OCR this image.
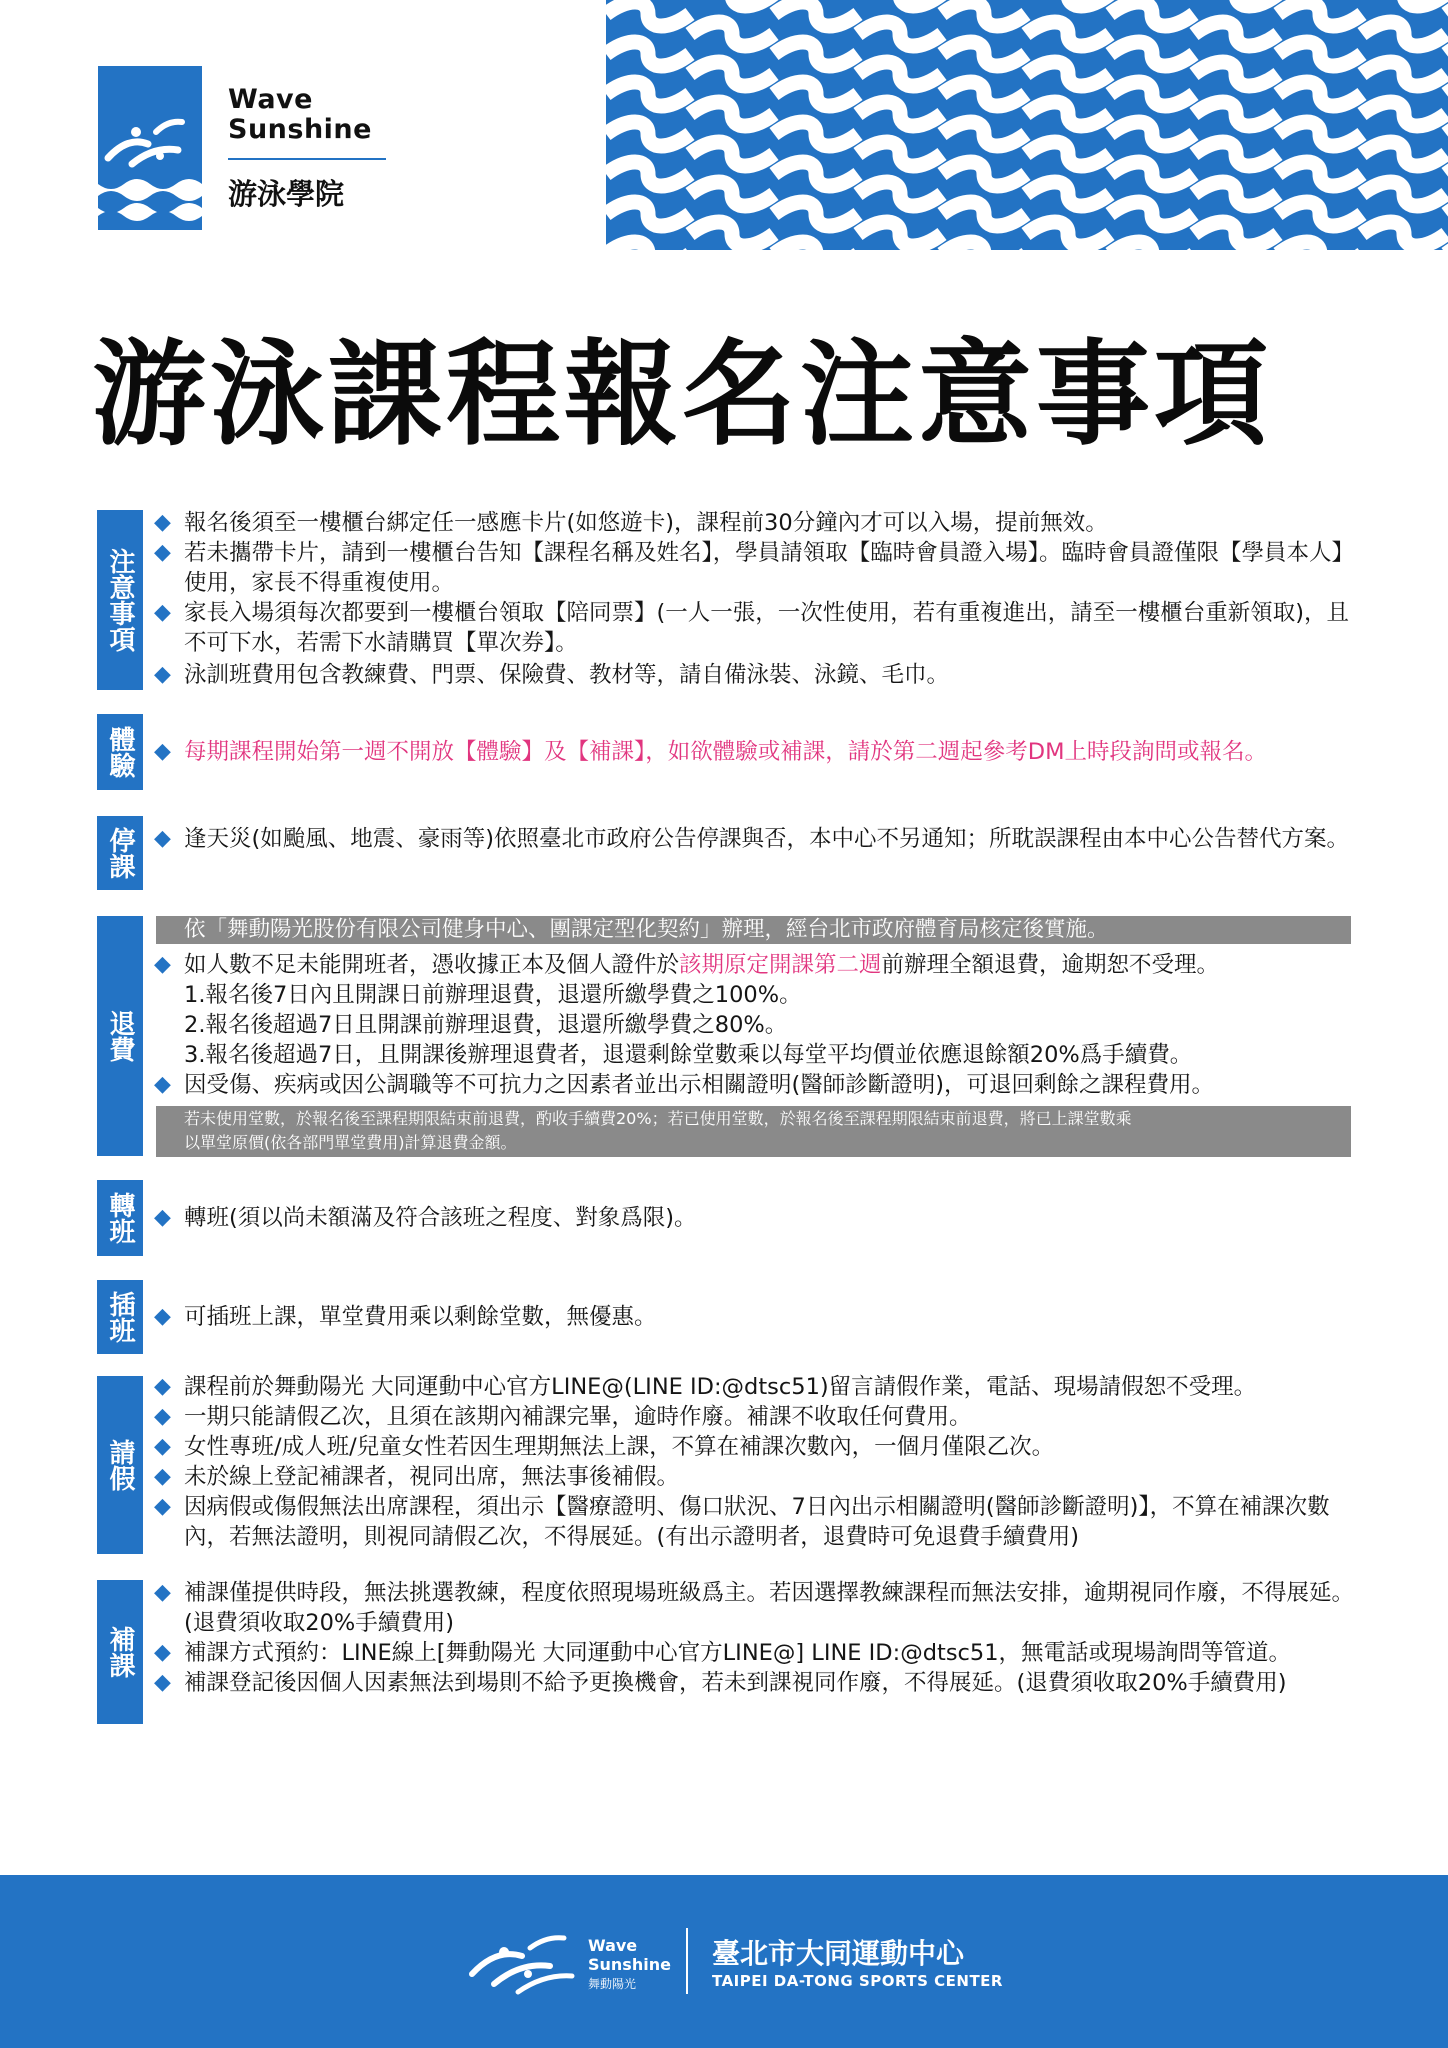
Wave
Sunshine
游泳學院
游泳課程報名注意事項
注意事項
◆ 報名後須至一樓櫃台綁定任一感應卡片(如悠遊卡)，課程前30分鐘內才可以入場，提前無效。
◆ 若未攜帶卡片，請到一樓櫃台告知【課程名稱及姓名】，學員請領取【臨時會員證入場】。臨時會員證僅限【學員本人】使用，家長不得重複使用。
◆ 家長入場須每次都要到一樓櫃台領取【陪同票】(一人一張，一次性使用，若有重複進出，請至一樓櫃台重新領取)，且不可下水，若需下水請購買【單次券】。
◆ 泳訓班費用包含教練費、門票、保險費、教材等，請自備泳裝、泳鏡、毛巾。
體驗 ◆ 每期課程開始第一週不開放【體驗】及【補課】，如欲體驗或補課，請於第二週起參考DM上時段詢問或報名。
停課 ◆ 逢天災(如颱風、地震、豪雨等)依照臺北市政府公告停課與否，本中心不另通知；所耽誤課程由本中心公告替代方案。
退費
依「舞動陽光股份有限公司健身中心、團課定型化契約」辦理，經台北市政府體育局核定後實施。
◆ 如人數不足未能開班者，憑收據正本及個人證件於該期原定開課第二週前辦理全額退費，逾期恕不受理。
1.報名後7日內且開課日前辦理退費，退還所繳學費之100%。
2.報名後超過7日且開課前辦理退費，退還所繳學費之80%。
3.報名後超過7日，且開課後辦理退費者，退還剩餘堂數乘以每堂平均價並依應退餘額20%爲手續費。
◆ 因受傷、疾病或因公調職等不可抗力之因素者並出示相關證明(醫師診斷證明)，可退回剩餘之課程費用。
若未使用堂數，於報名後至課程期限結束前退費，酌收手續費20%；若已使用堂數，於報名後至課程期限結束前退費，將已上課堂數乘
以單堂原價(依各部門單堂費用)計算退費金額。
轉班 ◆ 轉班(須以尚未額滿及符合該班之程度、對象爲限)。
插班 ◆ 可插班上課，單堂費用乘以剩餘堂數，無優惠。
請假
◆ 課程前於舞動陽光 大同運動中心官方LINE@(LINE ID:@dtsc51)留言請假作業，電話、現場請假恕不受理。
◆ 一期只能請假乙次，且須在該期內補課完畢，逾時作廢。補課不收取任何費用。
◆ 女性專班/成人班/兒童女性若因生理期無法上課，不算在補課次數內，一個月僅限乙次。
◆ 未於線上登記補課者，視同出席，無法事後補假。
◆ 因病假或傷假無法出席課程，須出示【醫療證明、傷口狀況、7日內出示相關證明(醫師診斷證明)】，不算在補課次數內，若無法證明，則視同請假乙次，不得展延。(有出示證明者，退費時可免退費手續費用)
補課
◆ 補課僅提供時段，無法挑選教練，程度依照現場班級爲主。若因選擇教練課程而無法安排，逾期視同作廢，不得展延。(退費須收取20%手續費用)
◆ 補課方式預約：LINE線上[舞動陽光 大同運動中心官方LINE@] LINE ID:@dtsc51，無電話或現場詢問等管道。
◆ 補課登記後因個人因素無法到場則不給予更換機會，若未到課視同作廢，不得展延。(退費須收取20%手續費用)
Wave
Sunshine
舞動陽光
臺北市大同運動中心
TAIPEI DA-TONG SPORTS CENTER
